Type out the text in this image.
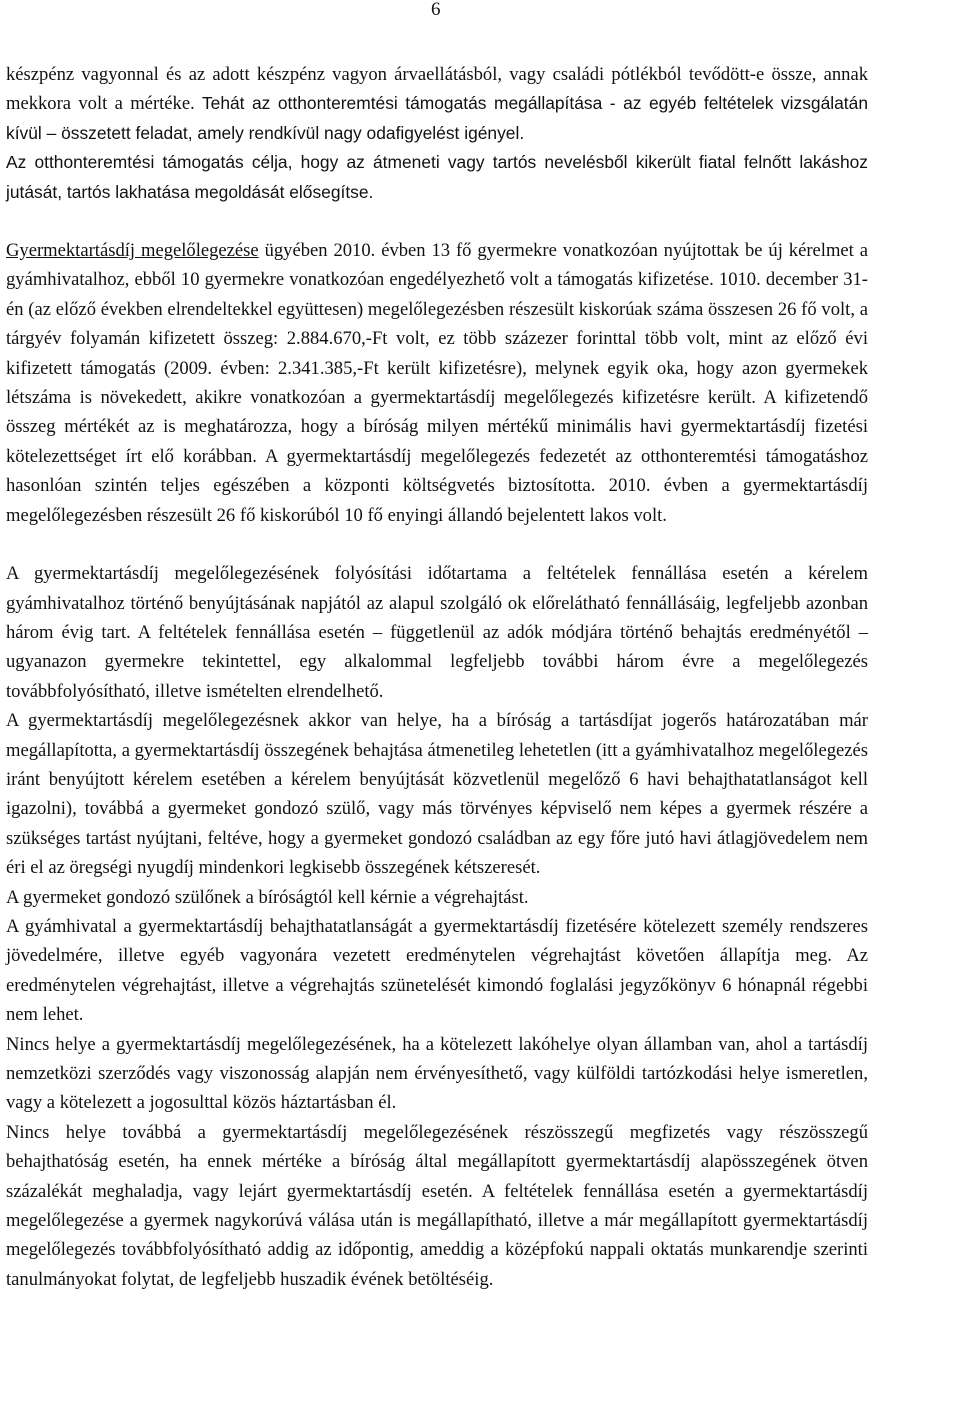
6

készpénz vagyonnal és az adott készpénz vagyon árvaellátásból, vagy családi pótlékból tevődött-e össze, annak mekkora volt a mértéke. Tehát az otthonteremtési támogatás megállapítása - az egyéb feltételek vizsgálatán kívül – összetett feladat, amely rendkívül nagy odafigyelést igényel.

Az otthonteremtési támogatás célja, hogy az átmeneti vagy tartós nevelésből kikerült fiatal felnőtt lakáshoz jutását, tartós lakhatása megoldását elősegítse.

Gyermektartásdíj megelőlegezése ügyében 2010. évben 13 fő gyermekre vonatkozóan nyújtottak be új kérelmet a gyámhivatalhoz, ebből 10 gyermekre vonatkozóan engedélyezhető volt a támogatás kifizetése. 1010. december 31-én (az előző években elrendeltekkel együttesen) megelőlegezésben részesült kiskorúak száma összesen 26 fő volt, a tárgyév folyamán kifizetett összeg: 2.884.670,-Ft volt, ez több százezer forinttal több volt, mint az előző évi kifizetett támogatás (2009. évben: 2.341.385,-Ft került kifizetésre), melynek egyik oka, hogy azon gyermekek létszáma is növekedett, akikre vonatkozóan a gyermektartásdíj megelőlegezés kifizetésre került. A kifizetendő összeg mértékét az is meghatározza, hogy a bíróság milyen mértékű minimális havi gyermektartásdíj fizetési kötelezettséget írt elő korábban. A gyermektartásdíj megelőlegezés fedezetét az otthonteremtési támogatáshoz hasonlóan szintén teljes egészében a központi költségvetés biztosította. 2010. évben a gyermektartásdíj megelőlegezésben részesült 26 fő kiskorúból 10 fő enyingi állandó bejelentett lakos volt.

A gyermektartásdíj megelőlegezésének folyósítási időtartama a feltételek fennállása esetén a kérelem gyámhivatalhoz történő benyújtásának napjától az alapul szolgáló ok előrelátható fennállásáig, legfeljebb azonban három évig tart. A feltételek fennállása esetén – függetlenül az adók módjára történő behajtás eredményétől – ugyanazon gyermekre tekintettel, egy alkalommal legfeljebb további három évre a megelőlegezés továbbfolyósítható, illetve ismételten elrendelhető.

A gyermektartásdíj megelőlegezésnek akkor van helye, ha a bíróság a tartásdíjat jogerős határozatában már megállapította, a gyermektartásdíj összegének behajtása átmenetileg lehetetlen (itt a gyámhivatalhoz megelőlegezés iránt benyújtott kérelem esetében a kérelem benyújtását közvetlenül megelőző 6 havi behajthatatlanságot kell igazolni), továbbá a gyermeket gondozó szülő, vagy más törvényes képviselő nem képes a gyermek részére a szükséges tartást nyújtani, feltéve, hogy a gyermeket gondozó családban az egy főre jutó havi átlagjövedelem nem éri el az öregségi nyugdíj mindenkori legkisebb összegének kétszeresét.

A gyermeket gondozó szülőnek a bíróságtól kell kérnie a végrehajtást.

A gyámhivatal a gyermektartásdíj behajthatatlanságát a gyermektartásdíj fizetésére kötelezett személy rendszeres jövedelmére, illetve egyéb vagyonára vezetett eredménytelen végrehajtást követően állapítja meg. Az eredménytelen végrehajtást, illetve a végrehajtás szünetelését kimondó foglalási jegyzőkönyv 6 hónapnál régebbi nem lehet.

Nincs helye a gyermektartásdíj megelőlegezésének, ha a kötelezett lakóhelye olyan államban van, ahol a tartásdíj nemzetközi szerződés vagy viszonosság alapján nem érvényesíthető, vagy külföldi tartózkodási helye ismeretlen, vagy a kötelezett a jogosulttal közös háztartásban él.

Nincs helye továbbá a gyermektartásdíj megelőlegezésének részösszegű megfizetés vagy részösszegű behajthatóság esetén, ha ennek mértéke a bíróság által megállapított gyermektartásdíj alapösszegének ötven százalékát meghaladja, vagy lejárt gyermektartásdíj esetén. A feltételek fennállása esetén a gyermektartásdíj megelőlegezése a gyermek nagykorúvá válása után is megállapítható, illetve a már megállapított gyermektartásdíj megelőlegezés továbbfolyósítható addig az időpontig, ameddig a középfokú nappali oktatás munkarendje szerinti tanulmányokat folytat, de legfeljebb huszadik évének betöltéséig.
